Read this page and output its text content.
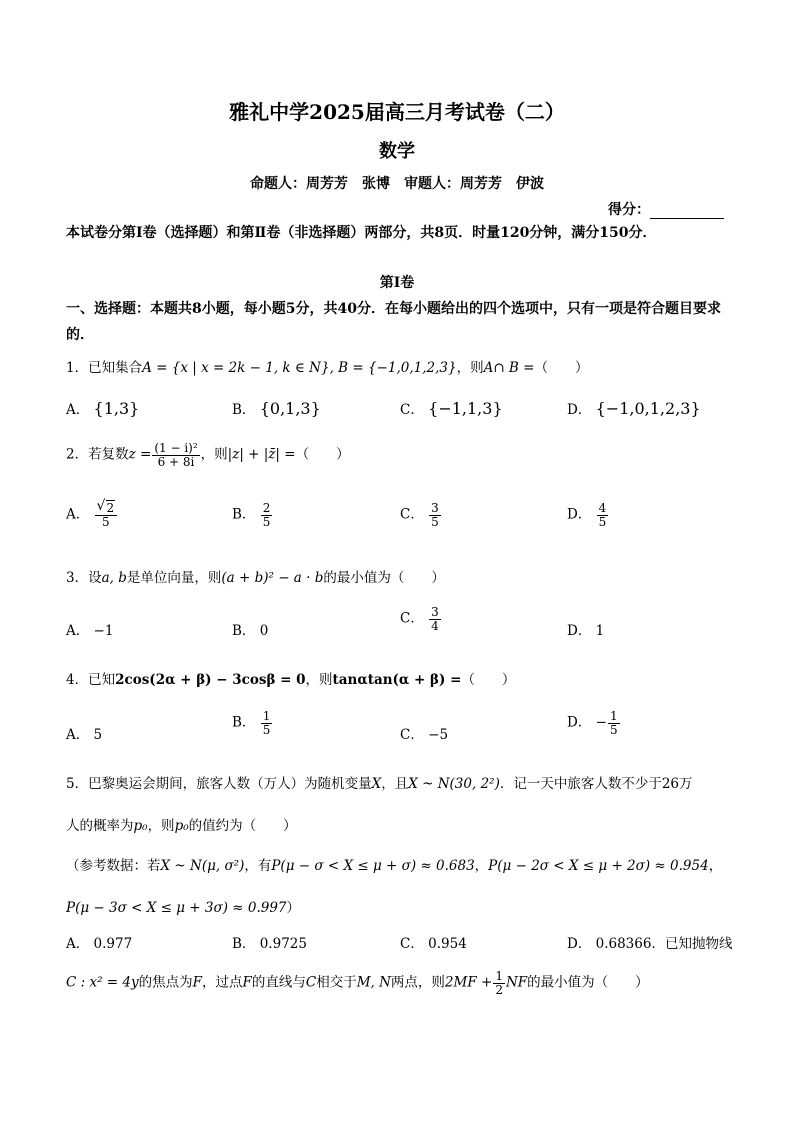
雅礼中学2025届高三月考试卷（二）
数学
命题人：周芳芳　张博　审题人：周芳芳　伊波
得分：
本试卷分第Ⅰ卷（选择题）和第Ⅱ卷（非选择题）两部分，共8页．时量120分钟，满分150分．
第Ⅰ卷
一、选择题：本题共8小题，每小题5分，共40分．在每小题给出的四个选项中，只有一项是符合题目要求的．
1．已知集合A = {x | x = 2k − 1, k ∈ N}, B = {−1,0,1,2,3}，则A∩ B =（　　）
A． {1,3}	B． {0,1,3}	C． {−1,1,3}	D． {−1,0,1,2,3}
2．若复数$z = \frac{\text{(1 − i)²}}{6 + 8i}$ ，则|z| + |z̄| =（　　）
A． $\frac{√ 2}{5}$	B． $\frac{2}{5}$	C． $\frac{3}{5}$	D． $\frac{4}{5}$
3．设a, b是单位向量，则(a + b)² − a · b的最小值为（　　）
A． −1	B． 0
C． $\frac{3}{4}$	D． 1
4．已知2cos(2α + β) − 3cosβ = 0，则tanαtan(α + β) =（　　）
A． 5
B． $\frac{1}{5}$	C． −5
D． − $\frac{1}{5}$
5．巴黎奥运会期间，旅客人数（万人）为随机变量X，且X ~ N(30, 2²)．记一天中旅客人数不少于26万
人的概率为p₀，则p₀的值约为（　　）
（参考数据：若X ~ N(μ, σ²)，有P(μ − σ < X ≤ μ + σ) ≈ 0.683，P(μ − 2σ < X ≤ μ + 2σ) ≈ 0.954，
P(μ − 3σ < X ≤ μ + 3σ) ≈ 0.997）
A． 0.977	B． 0.9725	C． 0.954	D． 0.68366．已知抛物线
C : x² = 4y的焦点为F，过点F的直线与C相交于M, N两点，则$2MF + \frac{1}{2}$ NF的最小值为（　　）
